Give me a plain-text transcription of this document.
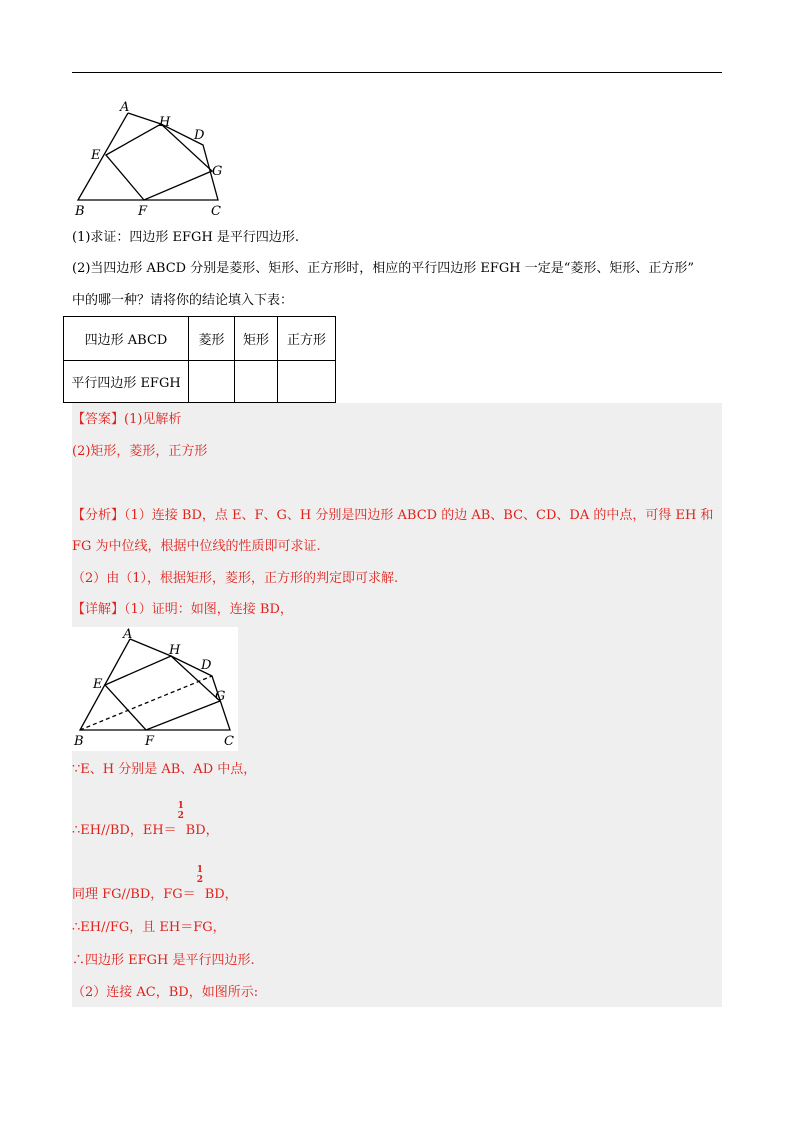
A
H
D
E
G
B	F	C
(1)求证：四边形 EFGH 是平行四边形.
(2)当四边形 ABCD 分别是菱形、矩形、正方形时，相应的平行四边形 EFGH 一定是“菱形、矩形、正方形”
中的哪一种？请将你的结论填入下表：
四边形 ABCD	菱形	矩形	正方形
平行四边形 EFGH			
【答案】(1)见解析
(2)矩形，菱形，正方形
【分析】（1）连接 BD，点 E、F、G、H 分别是四边形 ABCD 的边 AB、BC、CD、DA 的中点，可得 EH 和
FG 为中位线，根据中位线的性质即可求证.
（2）由（1），根据矩形，菱形，正方形的判定即可求解.
【详解】（1）证明：如图，连接 BD，
A
H
D
E
G
B	F	C
∵E、H 分别是 AB、AD 中点，
∴EH//BD，EH＝
1
2
BD，
同理 FG//BD，FG＝
1
2
BD，
∴EH//FG，且 EH＝FG，
∴四边形 EFGH 是平行四边形.
（2）连接 AC，BD，如图所示:
